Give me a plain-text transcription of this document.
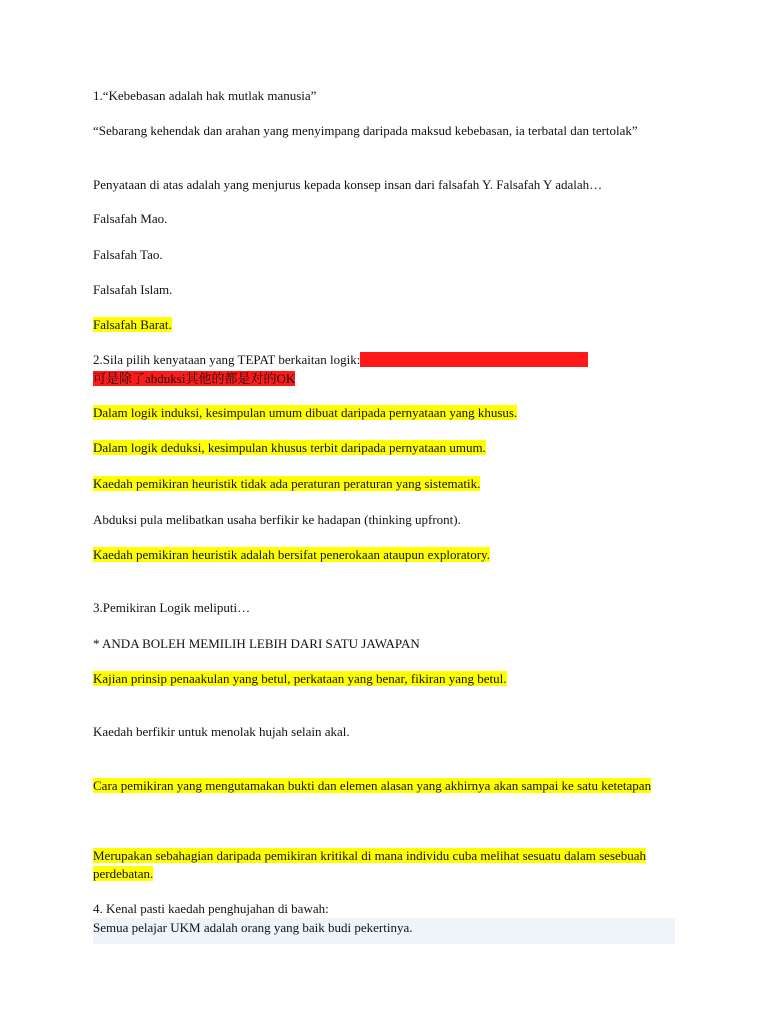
1.“Kebebasan adalah hak mutlak manusia”
“Sebarang kehendak dan arahan yang menyimpang daripada maksud kebebasan, ia terbatal dan tertolak”
Penyataan di atas adalah yang menjurus kepada konsep insan dari falsafah Y. Falsafah Y adalah…
Falsafah Mao.
Falsafah Tao.
Falsafah Islam.
Falsafah Barat.
2.Sila pilih kenyataan yang TEPAT berkaitan logik:
可是除了abduksi其他的都是对的OK
Dalam logik induksi, kesimpulan umum dibuat daripada pernyataan yang khusus.
Dalam logik deduksi, kesimpulan khusus terbit daripada pernyataan umum.
Kaedah pemikiran heuristik tidak ada peraturan peraturan yang sistematik.
Abduksi pula melibatkan usaha berfikir ke hadapan (thinking upfront).
Kaedah pemikiran heuristik adalah bersifat penerokaan ataupun exploratory.
3.Pemikiran Logik meliputi…
* ANDA BOLEH MEMILIH LEBIH DARI SATU JAWAPAN
Kajian prinsip penaakulan yang betul, perkataan yang benar, fikiran yang betul.
Kaedah berfikir untuk menolak hujah selain akal.
Cara pemikiran yang mengutamakan bukti dan elemen alasan yang akhirnya akan sampai ke satu ketetapan
Merupakan sebahagian daripada pemikiran kritikal di mana individu cuba melihat sesuatu dalam sesebuah perdebatan.
4. Kenal pasti kaedah penghujahan di bawah:
Semua pelajar UKM adalah orang yang baik budi pekertinya.
